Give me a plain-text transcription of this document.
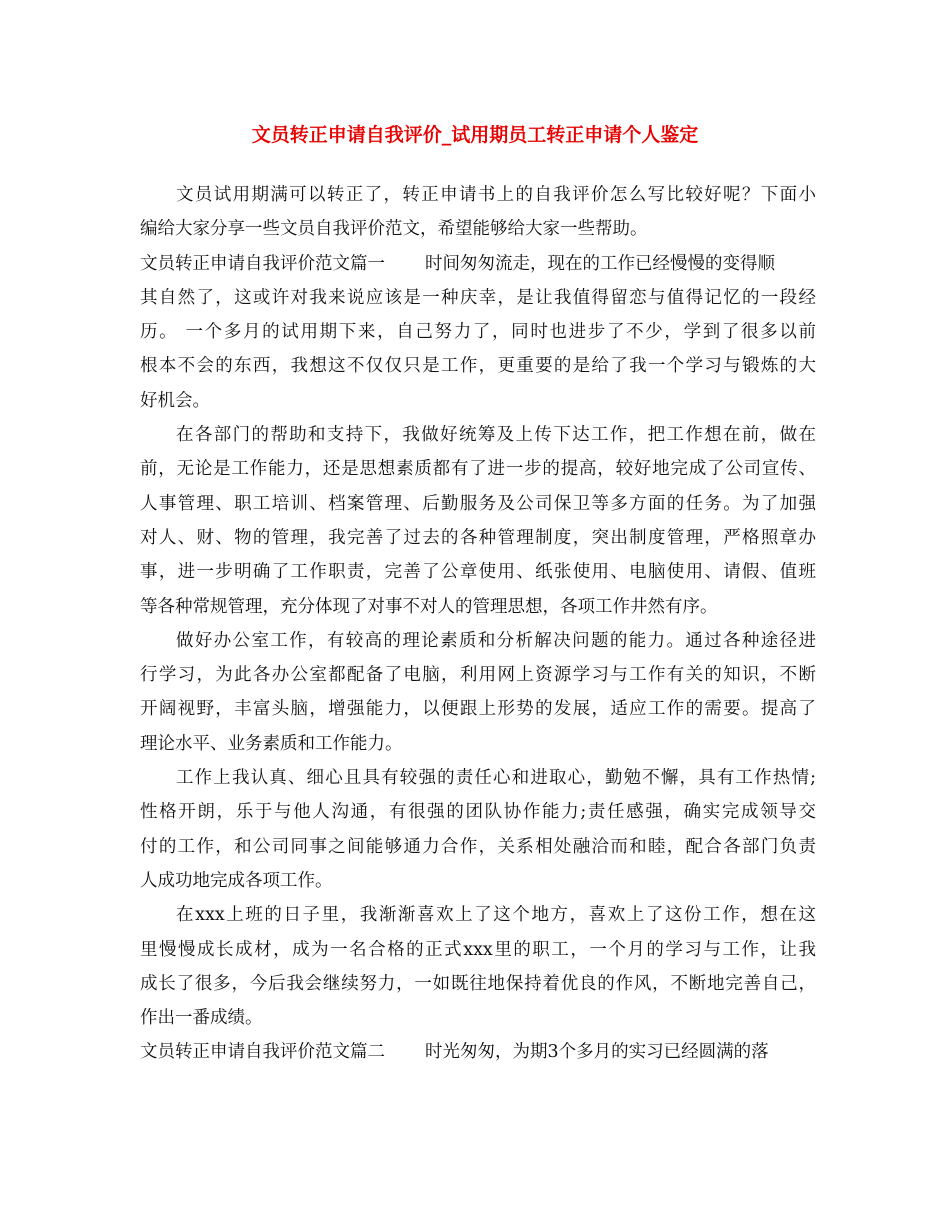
文员转正申请自我评价_试用期员工转正申请个人鉴定
文员试用期满可以转正了，转正申请书上的自我评价怎么写比较好呢？下面小
编给大家分享一些文员自我评价范文，希望能够给大家一些帮助。
文员转正申请自我评价范文篇一 时间匆匆流走，现在的工作已经慢慢的变得顺
其自然了，这或许对我来说应该是一种庆幸，是让我值得留恋与值得记忆的一段经
历。 一个多月的试用期下来，自己努力了，同时也进步了不少，学到了很多以前
根本不会的东西，我想这不仅仅只是工作，更重要的是给了我一个学习与锻炼的大
好机会。
在各部门的帮助和支持下，我做好统筹及上传下达工作，把工作想在前，做在
前，无论是工作能力，还是思想素质都有了进一步的提高，较好地完成了公司宣传、
人事管理、职工培训、档案管理、后勤服务及公司保卫等多方面的任务。为了加强
对人、财、物的管理，我完善了过去的各种管理制度，突出制度管理，严格照章办
事，进一步明确了工作职责，完善了公章使用、纸张使用、电脑使用、请假、值班
等各种常规管理，充分体现了对事不对人的管理思想，各项工作井然有序。
做好办公室工作，有较高的理论素质和分析解决问题的能力。通过各种途径进
行学习，为此各办公室都配备了电脑，利用网上资源学习与工作有关的知识，不断
开阔视野，丰富头脑，增强能力，以便跟上形势的发展，适应工作的需要。提高了
理论水平、业务素质和工作能力。
工作上我认真、细心且具有较强的责任心和进取心，勤勉不懈，具有工作热情;
性格开朗，乐于与他人沟通，有很强的团队协作能力;责任感强，确实完成领导交
付的工作，和公司同事之间能够通力合作，关系相处融洽而和睦，配合各部门负责
人成功地完成各项工作。
在xxx上班的日子里，我渐渐喜欢上了这个地方，喜欢上了这份工作，想在这
里慢慢成长成材，成为一名合格的正式xxx里的职工，一个月的学习与工作，让我
成长了很多，今后我会继续努力，一如既往地保持着优良的作风，不断地完善自己，
作出一番成绩。
文员转正申请自我评价范文篇二 时光匆匆，为期3个多月的实习已经圆满的落
